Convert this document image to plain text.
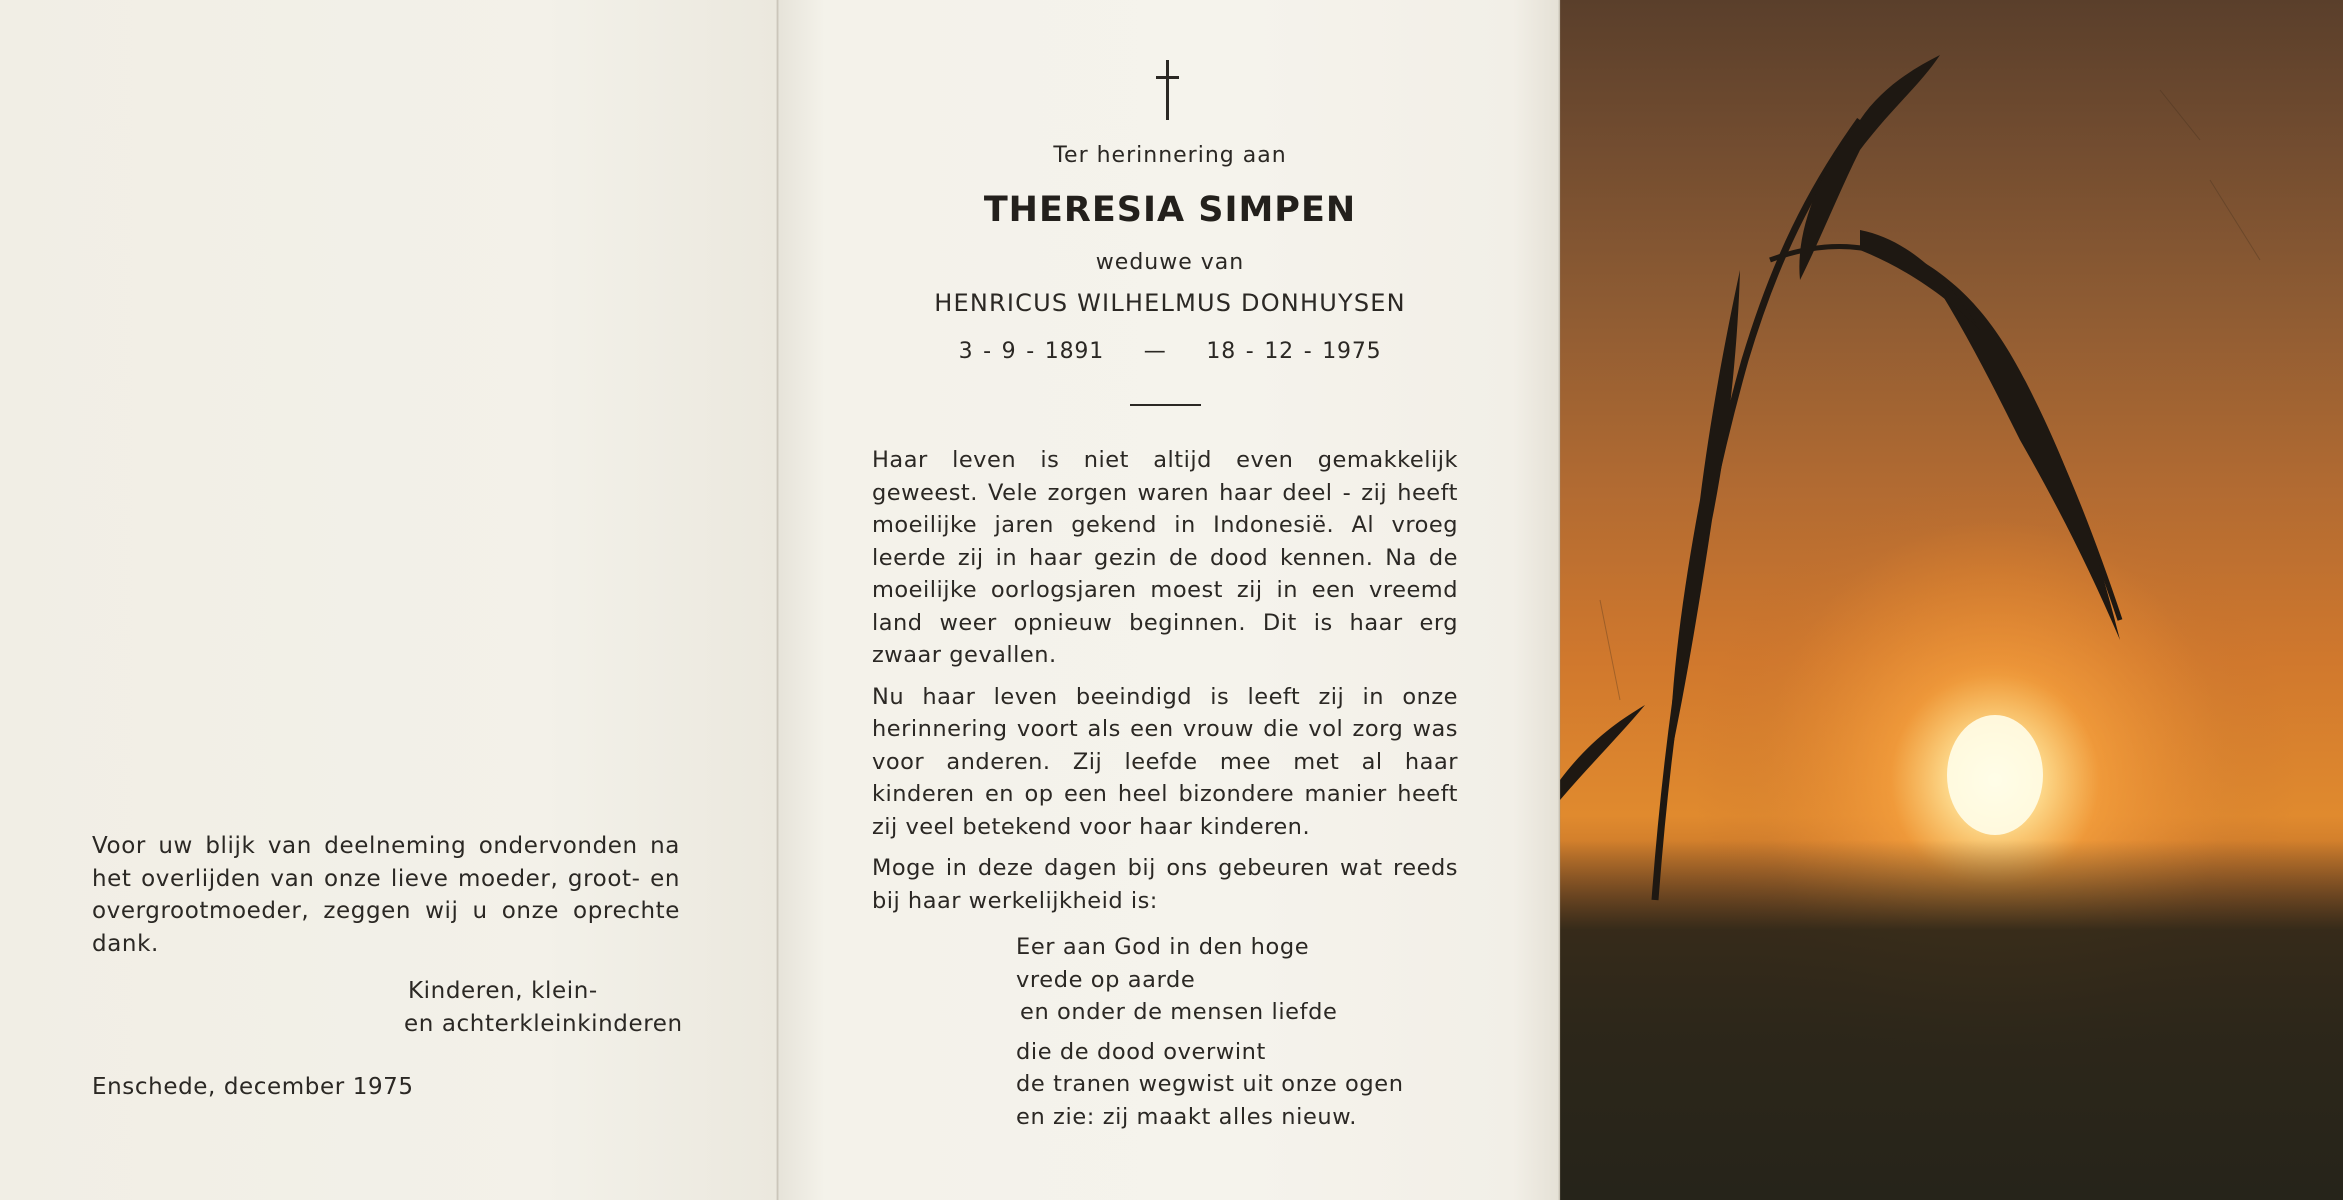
Voor uw blijk van deelneming ondervonden na het overlijden van onze lieve moeder, groot- en overgrootmoeder, zeggen wij u onze oprechte dank.

Kinderen, klein-
en achterkleinkinderen
Enschede, december 1975
Ter herinnering aan
THERESIA SIMPEN
weduwe van
HENRICUS WILHELMUS DONHUYSEN
3 - 9 - 1891 — 18 - 12 - 1975

Haar leven is niet altijd even gemakkelijk geweest. Vele zorgen waren haar deel - zij heeft moeilijke jaren gekend in Indonesië. Al vroeg leerde zij in haar gezin de dood kennen. Na de moeilijke oorlogsjaren moest zij in een vreemd land weer opnieuw beginnen. Dit is haar erg zwaar gevallen.

Nu haar leven beeindigd is leeft zij in onze herinnering voort als een vrouw die vol zorg was voor anderen. Zij leefde mee met al haar kinderen en op een heel bizondere manier heeft zij veel betekend voor haar kinderen.

Moge in deze dagen bij ons gebeuren wat reeds bij haar werkelijkheid is:

Eer aan God in den hoge
vrede op aarde
en onder de mensen liefde
die de dood overwint
de tranen wegwist uit onze ogen
en zie: zij maakt alles nieuw.
